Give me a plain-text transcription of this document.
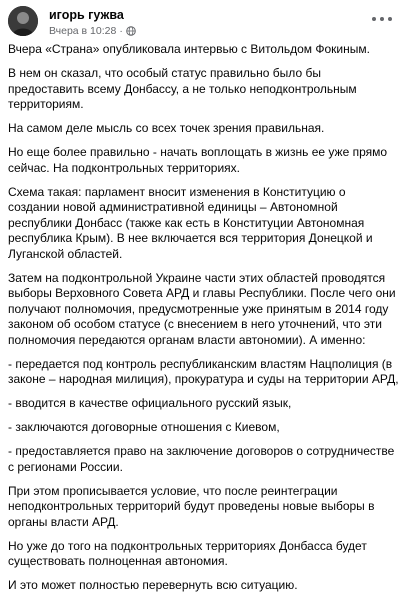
игорь гужва
Вчера в 10:28 ·

Вчера «Страна» опубликовала интервью с Витольдом Фокиным.

В нем он сказал, что особый статус правильно было бы предоставить всему Донбассу, а не только неподконтрольным территориям.

На самом деле мысль со всех точек зрения правильная.

Но еще более правильно - начать воплощать в жизнь ее уже прямо сейчас. На подконтрольных территориях.

Схема такая: парламент вносит изменения в Конституцию о создании новой административной единицы – Автономной республики Донбасс (также как есть в Конституции Автономная республика Крым). В нее включается вся территория Донецкой и Луганской областей.

Затем на подконтрольной Украине части этих областей проводятся выборы Верховного Совета АРД и главы Республики. После чего они получают полномочия, предусмотренные уже принятым в 2014 году законом об особом статусе (с внесением в него уточнений, что эти полномочия передаются органам власти автономии). А именно:

- передается под контроль республиканским властям Нацполиция (в законе – народная милиция), прокуратура и суды на территории АРД,

- вводится в качестве официального русский язык,

- заключаются договорные отношения с Киевом,

- предоставляется право на заключение договоров о сотрудничестве с регионами России.

При этом прописывается условие, что после реинтеграции неподконтрольных территорий будут проведены новые выборы в органы власти АРД.

Но уже до того на подконтрольных территориях Донбасса будет существовать полноценная автономия.

И это может полностью перевернуть всю ситуацию.
